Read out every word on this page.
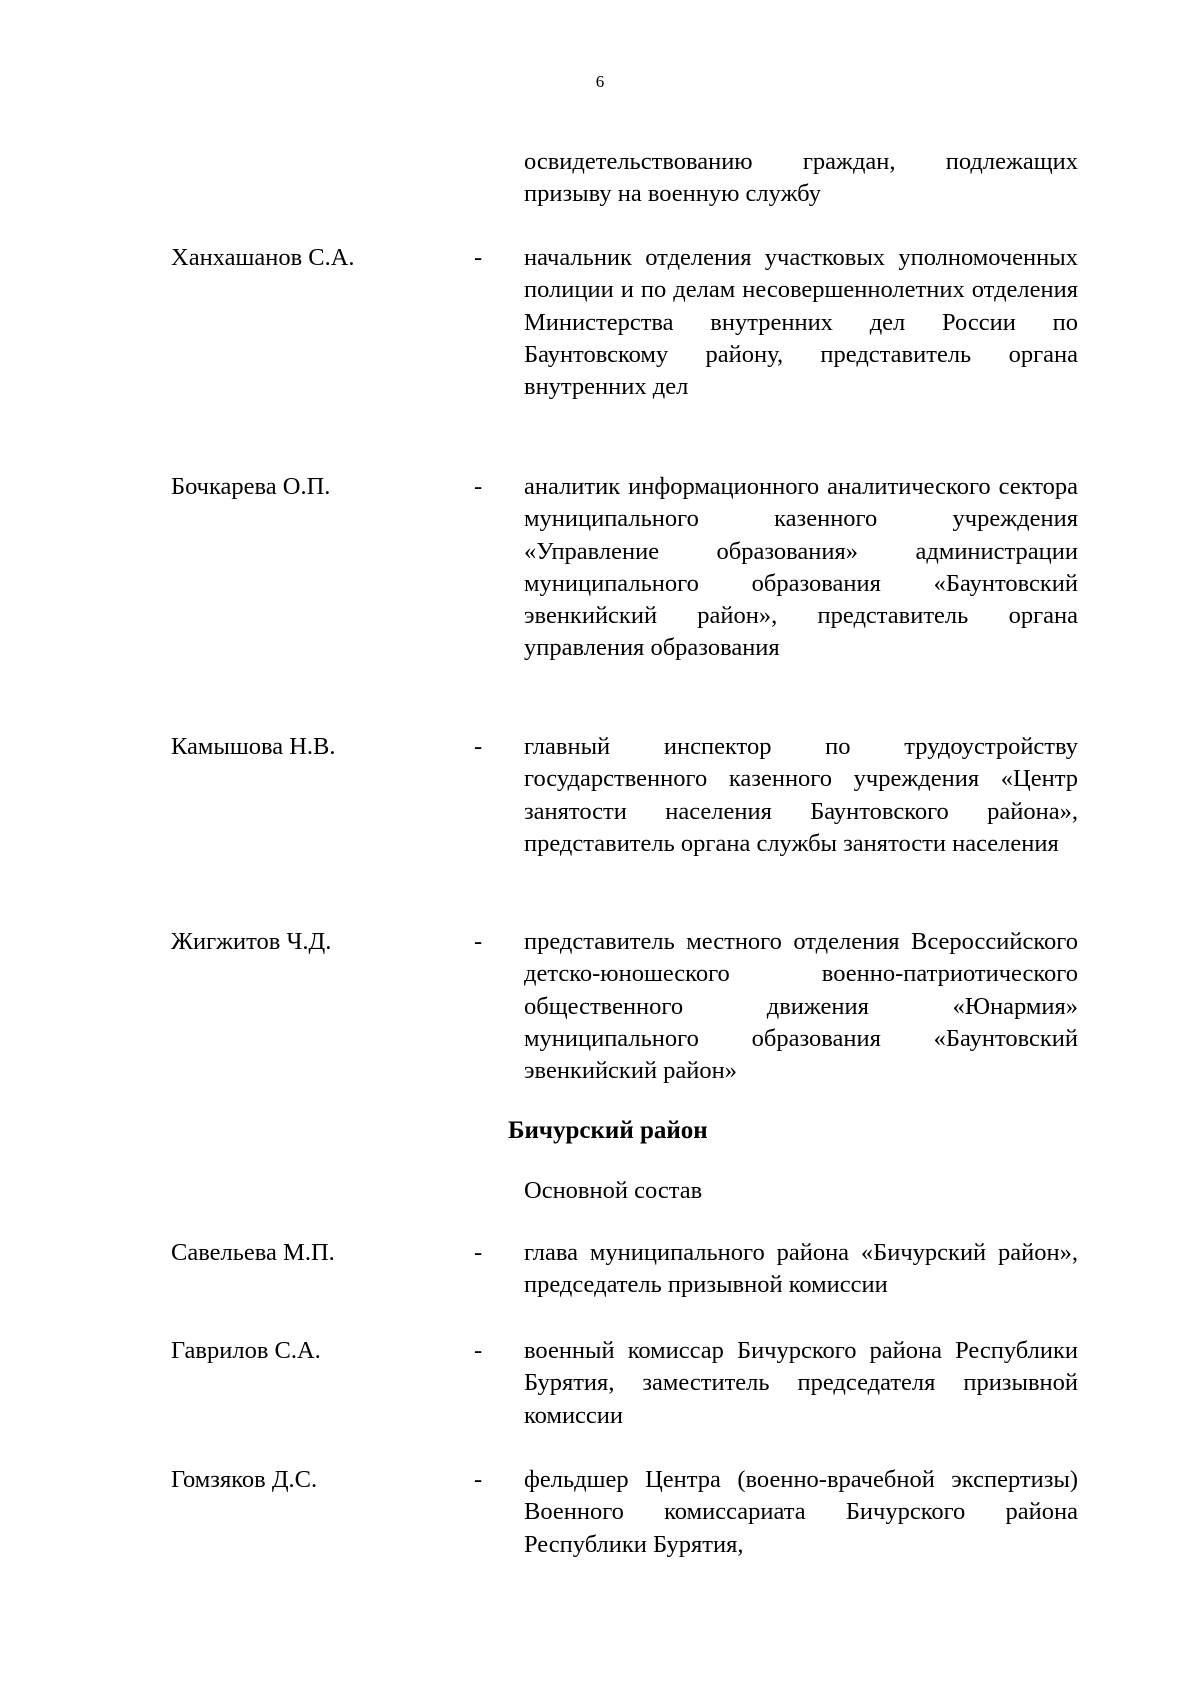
6
освидетельствованию граждан, подлежащих призыву на военную службу
Ханхашанов С.А.	- начальник отделения участковых уполномоченных полиции и по делам несовершеннолетних отделения Министерства внутренних дел России по Баунтовскому району, представитель органа внутренних дел
Бочкарева О.П.	- аналитик информационного аналитического сектора муниципального казенного учреждения «Управление образования» администрации муниципального образования «Баунтовский эвенкийский район», представитель органа управления образования
Камышова Н.В.	- главный инспектор по трудоустройству государственного казенного учреждения «Центр занятости населения Баунтовского района», представитель органа службы занятости населения
Жигжитов Ч.Д.	- представитель местного отделения Всероссийского детско-юношеского военно-патриотического общественного движения «Юнармия» муниципального образования «Баунтовский эвенкийский район»
Бичурский район
Основной состав
Савельева М.П.	- глава муниципального района «Бичурский район», председатель призывной комиссии
Гаврилов С.А.	- военный комиссар Бичурского района Республики Бурятия, заместитель председателя призывной комиссии
Гомзяков Д.С.	- фельдшер Центра (военно-врачебной экспертизы) Военного комиссариата Бичурского района Республики Бурятия,
